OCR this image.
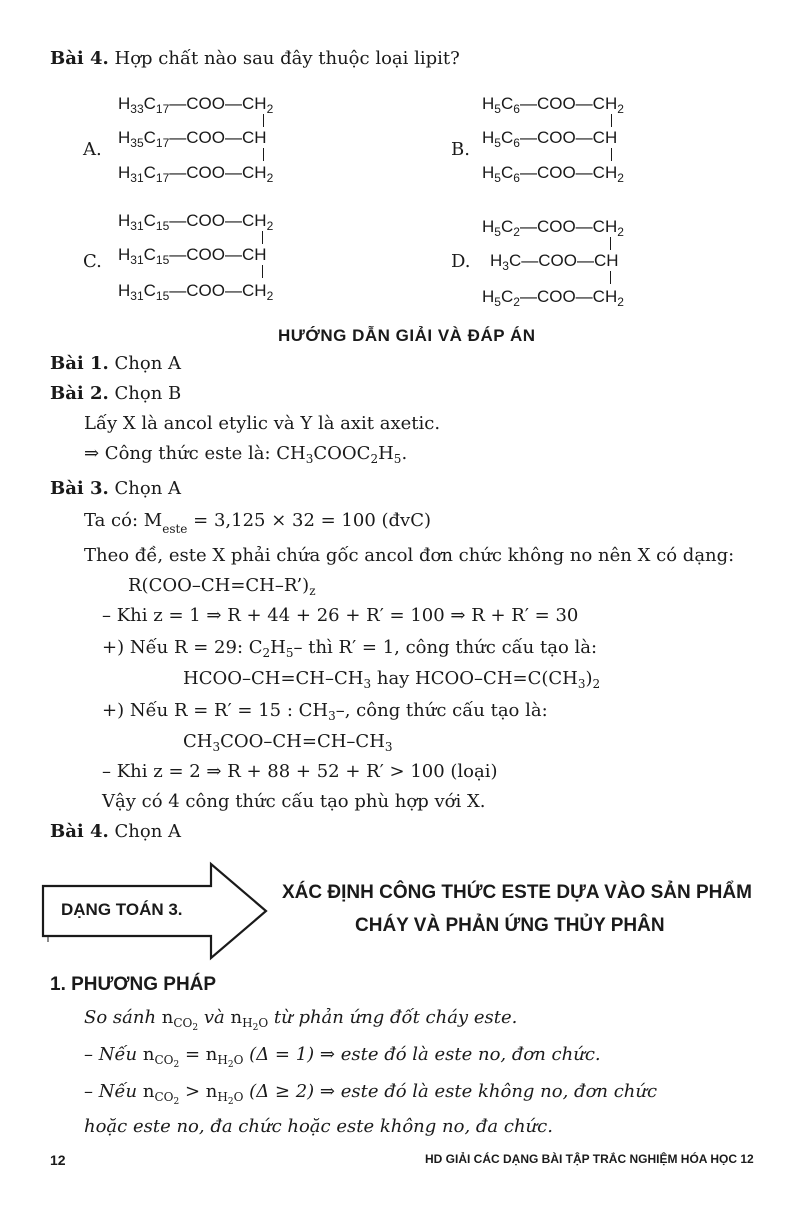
Bài 4. Hợp chất nào sau đây thuộc loại lipit?
A.
$H_{33}C_{17}—COO—CH_2$
$H_{35}C_{17}—COO—CH$
$H_{31}C_{17}—COO—CH_2$
B.
$H_5C_6—COO—CH_2$
$H_5C_6—COO—CH$
$H_5C_6—COO—CH_2$
C.
$H_{31}C_{15}—COO—CH_2$
$H_{31}C_{15}—COO—CH$
$H_{31}C_{15}—COO—CH_2$
D.
$H_5C_2—COO—CH_2$
$H_3C—COO—CH$
$H_5C_2—COO—CH_2$
HƯỚNG DẪN GIẢI VÀ ĐÁP ÁN
Bài 1. Chọn A
Bài 2. Chọn B
Lấy X là ancol etylic và Y là axit axetic.
⇒ Công thức este là: $CH_3COOC_2H_5$.
Bài 3. Chọn A
Ta có: $M_{este} = 3,125 \times 32 = 100$ (đvC)
Theo đề, este X phải chứa gốc ancol đơn chức không no nên X có dạng:
$R(COO-CH=CH-R’)_z$
– Khi z = 1 ⇒ R + 44 + 26 + R′ = 100 ⇒ R + R′ = 30
+) Nếu R = 29: $C_2H_5-$ thì R′ = 1, công thức cấu tạo là:
HCOO–$CH=CH-CH_3$ hay HCOO–$CH=C(CH_3)_2$
+) Nếu R = R′ = 15 : $CH_3-$, công thức cấu tạo là:
$CH_3COO-CH=CH-CH_3$
– Khi z = 2 ⇒ R + 88 + 52 + R′ > 100 (loại)
Vậy có 4 công thức cấu tạo phù hợp với X.
Bài 4. Chọn A
DẠNG TOÁN 3.
XÁC ĐỊNH CÔNG THỨC ESTE DỰA VÀO SẢN PHẨM
CHÁY VÀ PHẢN ỨNG THỦY PHÂN
1. PHƯƠNG PHÁP
So sánh $n_{CO2}$ và $n_{H2O}$ từ phản ứng đốt cháy este.
– Nếu $n_{CO2} = n_{H2O}$ (Δ = 1) ⇒ este đó là este no, đơn chức.
– Nếu $n_{CO2} > n_{H2O}$ (Δ ≥ 2) ⇒ este đó là este không no, đơn chức
hoặc este no, đa chức hoặc este không no, đa chức.
12	HD GIẢI CÁC DẠNG BÀI TẬP TRẮC NGHIỆM HÓA HỌC 12
